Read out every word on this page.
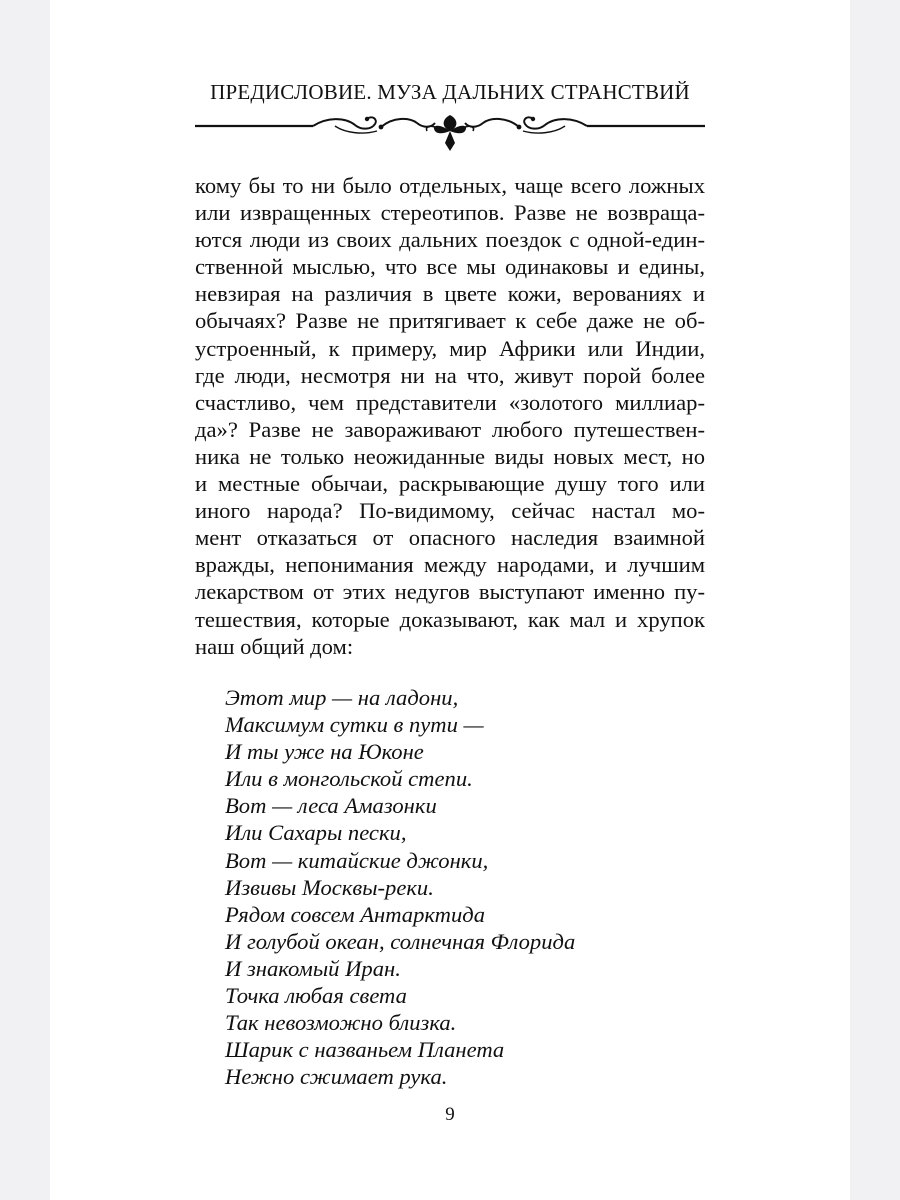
ПРЕДИСЛОВИЕ. МУЗА ДАЛЬНИХ СТРАНСТВИЙ
кому бы то ни было отдельных, чаще всего ложных
или извращенных стереотипов. Разве не возвраща-
ются люди из своих дальних поездок с одной-един-
ственной мыслью, что все мы одинаковы и едины,
невзирая на различия в цвете кожи, верованиях и
обычаях? Разве не притягивает к себе даже не об-
устроенный, к примеру, мир Африки или Индии,
где люди, несмотря ни на что, живут порой более
счастливо, чем представители «золотого миллиар-
да»? Разве не завораживают любого путешествен-
ника не только неожиданные виды новых мест, но
и местные обычаи, раскрывающие душу того или
иного народа? По-видимому, сейчас настал мо-
мент отказаться от опасного наследия взаимной
вражды, непонимания между народами, и лучшим
лекарством от этих недугов выступают именно пу-
тешествия, которые доказывают, как мал и хрупок
наш общий дом:
Этот мир — на ладони,
Максимум сутки в пути —
И ты уже на Юконе
Или в монгольской степи.
Вот — леса Амазонки
Или Сахары пески,
Вот — китайские джонки,
Извивы Москвы-реки.
Рядом совсем Антарктида
И голубой океан, солнечная Флорида
И знакомый Иран.
Точка любая света
Так невозможно близка.
Шарик с названьем Планета
Нежно сжимает рука.
9
